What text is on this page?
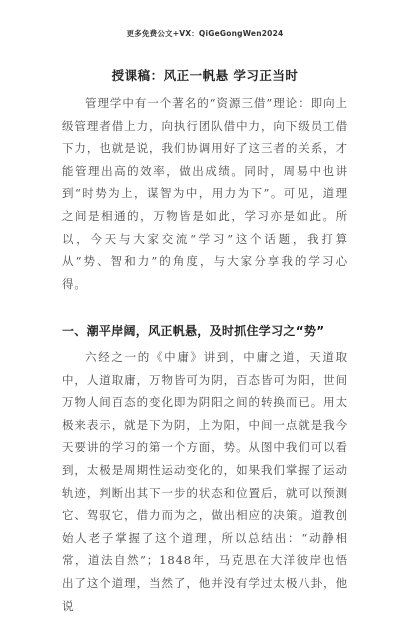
更多免费公文+VX：QiGeGongWen2024
授课稿：风正一帆悬 学习正当时
管理学中有一个著名的“资源三借”理论：即向上级管理者借上力，向执行团队借中力，向下级员工借下力，也就是说，我们协调用好了这三者的关系，才能管理出高的效率，做出成绩。同时，周易中也讲到“时势为上，谋智为中，用力为下”。可见，道理之间是相通的，万物皆是如此，学习亦是如此。所以，今天与大家交流“学习”这个话题，我打算从“势、智和力”的角度，与大家分享我的学习心得。
一、潮平岸阔，风正帆悬，及时抓住学习之“势”
六经之一的《中庸》讲到，中庸之道，天道取中，人道取庸，万物皆可为阴，百态皆可为阳，世间万物人间百态的变化即为阴阳之间的转换而已。用太极来表示，就是下为阴，上为阳，中间一点就是我今天要讲的学习的第一个方面，势。从图中我们可以看到，太极是周期性运动变化的，如果我们掌握了运动轨迹，判断出其下一步的状态和位置后，就可以预测它、驾驭它，借力而为之，做出相应的决策。道教创始人老子掌握了这个道理，所以总结出：“动静相常，道法自然”；1848年，马克思在大洋彼岸也悟出了这个道理，当然了，他并没有学过太极八卦，他说
